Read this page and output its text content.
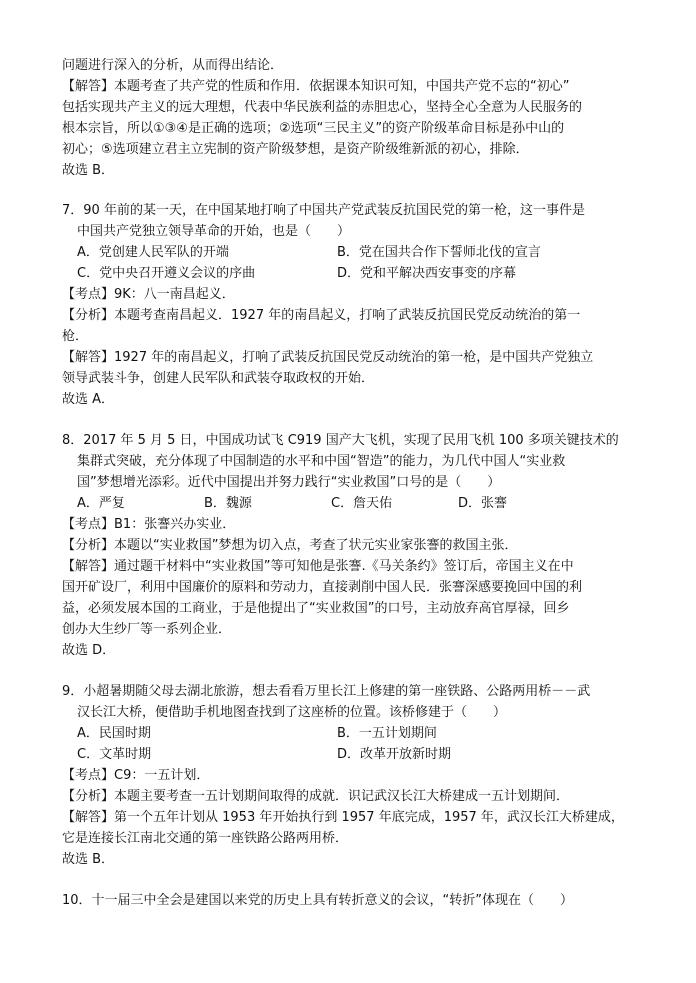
问题进行深入的分析，从而得出结论．
【解答】本题考查了共产党的性质和作用．依据课本知识可知，中国共产党不忘的“初心”
包括实现共产主义的远大理想，代表中华民族利益的赤胆忠心，坚持全心全意为人民服务的
根本宗旨，所以①③④是正确的选项；②选项“三民主义”的资产阶级革命目标是孙中山的
初心；⑤选项建立君主立宪制的资产阶级梦想，是资产阶级维新派的初心，排除．
故选 B．
7．90 年前的某一天，在中国某地打响了中国共产党武装反抗国民党的第一枪，这一事件是
中国共产党独立领导革命的开始，也是（　　）
A．党创建人民军队的开端	B．党在国共合作下誓师北伐的宣言
C．党中央召开遵义会议的序曲	D．党和平解决西安事变的序幕
【考点】9K：八一南昌起义．
【分析】本题考查南昌起义．1927 年的南昌起义，打响了武装反抗国民党反动统治的第一
枪．
【解答】1927 年的南昌起义，打响了武装反抗国民党反动统治的第一枪，是中国共产党独立
领导武装斗争，创建人民军队和武装夺取政权的开始．
故选 A．
8．2017 年 5 月 5 日，中国成功试飞 C919 国产大飞机，实现了民用飞机 100 多项关键技术的
集群式突破，充分体现了中国制造的水平和中国“智造”的能力，为几代中国人“实业救
国”梦想增光添彩。近代中国提出并努力践行“实业救国”口号的是（　　）
A．严复	B．魏源	C．詹天佑	D．张謇
【考点】B1：张謇兴办实业．
【分析】本题以“实业救国”梦想为切入点，考查了状元实业家张謇的救国主张．
【解答】通过题干材料中“实业救国”等可知他是张謇.《马关条约》签订后，帝国主义在中
国开矿设厂，利用中国廉价的原料和劳动力，直接剥削中国人民．张謇深感要挽回中国的利
益，必须发展本国的工商业，于是他提出了“实业救国”的口号，主动放弃高官厚禄，回乡
创办大生纱厂等一系列企业．
故选 D．
9．小超暑期随父母去湖北旅游，想去看看万里长江上修建的第一座铁路、公路两用桥－－武
汉长江大桥，便借助手机地图查找到了这座桥的位置。该桥修建于（　　）
A．民国时期	B．一五计划期间
C．文革时期	D．改革开放新时期
【考点】C9：一五计划．
【分析】本题主要考查一五计划期间取得的成就．识记武汉长江大桥建成一五计划期间．
【解答】第一个五年计划从 1953 年开始执行到 1957 年底完成，1957 年，武汉长江大桥建成，
它是连接长江南北交通的第一座铁路公路两用桥．
故选 B．
10．十一届三中全会是建国以来党的历史上具有转折意义的会议，“转折”体现在（　　）
